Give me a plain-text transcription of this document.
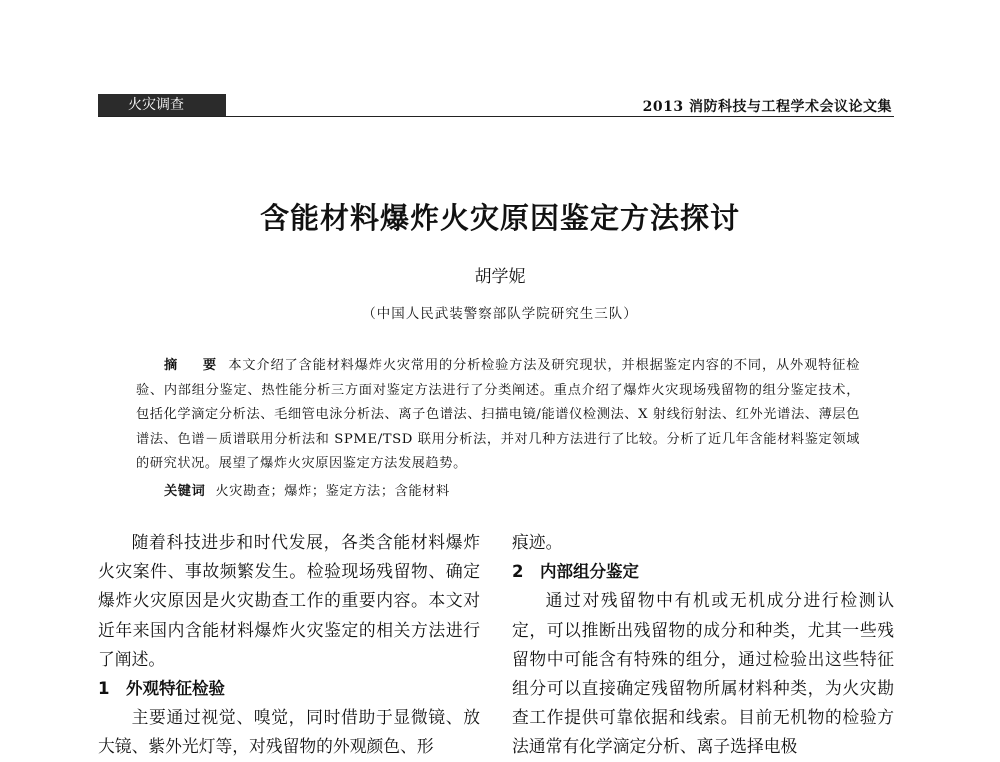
火灾调查	2013 消防科技与工程学术会议论文集
含能材料爆炸火灾原因鉴定方法探讨
胡学妮
（中国人民武装警察部队学院研究生三队）
摘　要 本文介绍了含能材料爆炸火灾常用的分析检验方法及研究现状，并根据鉴定内容的不同，从外观特征检验、内部组分鉴定、热性能分析三方面对鉴定方法进行了分类阐述。重点介绍了爆炸火灾现场残留物的组分鉴定技术，包括化学滴定分析法、毛细管电泳分析法、离子色谱法、扫描电镜/能谱仪检测法、X 射线衍射法、红外光谱法、薄层色谱法、色谱－质谱联用分析法和 SPME/TSD 联用分析法，并对几种方法进行了比较。分析了近几年含能材料鉴定领域的研究状况。展望了爆炸火灾原因鉴定方法发展趋势。
关键词 火灾勘查；爆炸；鉴定方法；含能材料

随着科技进步和时代发展，各类含能材料爆炸火灾案件、事故频繁发生。检验现场残留物、确定爆炸火灾原因是火灾勘查工作的重要内容。本文对近年来国内含能材料爆炸火灾鉴定的相关方法进行了阐述。

1 外观特征检验

主要通过视觉、嗅觉，同时借助于显微镜、放大镜、紫外光灯等，对残留物的外观颜色、形

痕迹。

2 内部组分鉴定

通过对残留物中有机或无机成分进行检测认定，可以推断出残留物的成分和种类，尤其一些残留物中可能含有特殊的组分，通过检验出这些特征组分可以直接确定残留物所属材料种类，为火灾勘查工作提供可靠依据和线索。目前无机物的检验方法通常有化学滴定分析、离子选择电极
